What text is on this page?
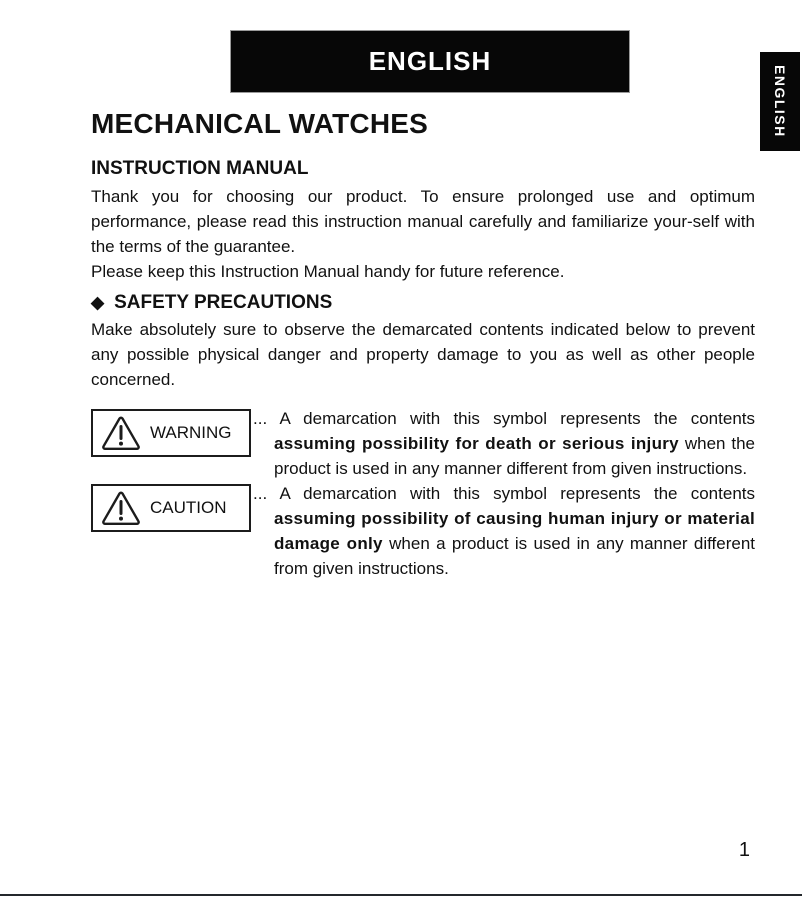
ENGLISH
ENGLISH
MECHANICAL WATCHES
INSTRUCTION MANUAL

Thank you for choosing our product. To ensure prolonged use and optimum performance, please read this instruction manual carefully and familiarize your-self with the terms of the guarantee.

Please keep this Instruction Manual handy for future reference.

◆ SAFETY PRECAUTIONS

Make absolutely sure to observe the demarcated contents indicated below to prevent any possible physical danger and property damage to you as well as other people concerned.

WARNING
... A demarcation with this symbol represents the contents assuming possibility for death or serious injury when the product is used in any manner different from given instructions.
CAUTION
... A demarcation with this symbol represents the contents assuming possibility of causing human injury or material damage only when a product is used in any manner different from given instructions.
1
